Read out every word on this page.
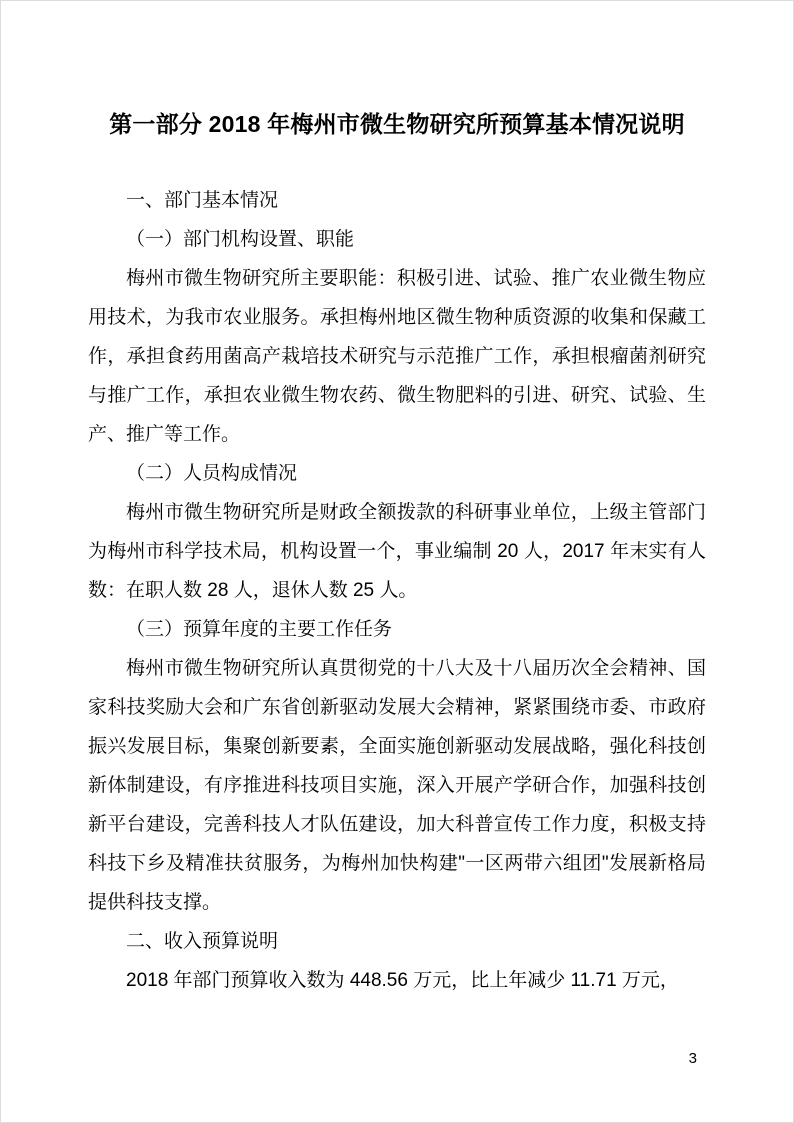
第一部分 2018 年梅州市微生物研究所预算基本情况说明

一、部门基本情况

（一）部门机构设置、职能

梅州市微生物研究所主要职能：积极引进、试验、推广农业微生物应用技术，为我市农业服务。承担梅州地区微生物种质资源的收集和保藏工作，承担食药用菌高产栽培技术研究与示范推广工作，承担根瘤菌剂研究与推广工作，承担农业微生物农药、微生物肥料的引进、研究、试验、生产、推广等工作。

（二）人员构成情况

梅州市微生物研究所是财政全额拨款的科研事业单位，上级主管部门为梅州市科学技术局，机构设置一个，事业编制 20 人，2017 年末实有人数：在职人数 28 人，退休人数 25 人。

（三）预算年度的主要工作任务

梅州市微生物研究所认真贯彻党的十八大及十八届历次全会精神、国家科技奖励大会和广东省创新驱动发展大会精神，紧紧围绕市委、市政府振兴发展目标，集聚创新要素，全面实施创新驱动发展战略，强化科技创新体制建设，有序推进科技项目实施，深入开展产学研合作，加强科技创新平台建设，完善科技人才队伍建设，加大科普宣传工作力度，积极支持科技下乡及精准扶贫服务，为梅州加快构建"一区两带六组团"发展新格局提供科技支撑。

二、收入预算说明

2018 年部门预算收入数为 448.56 万元，比上年减少 11.71 万元，

3
